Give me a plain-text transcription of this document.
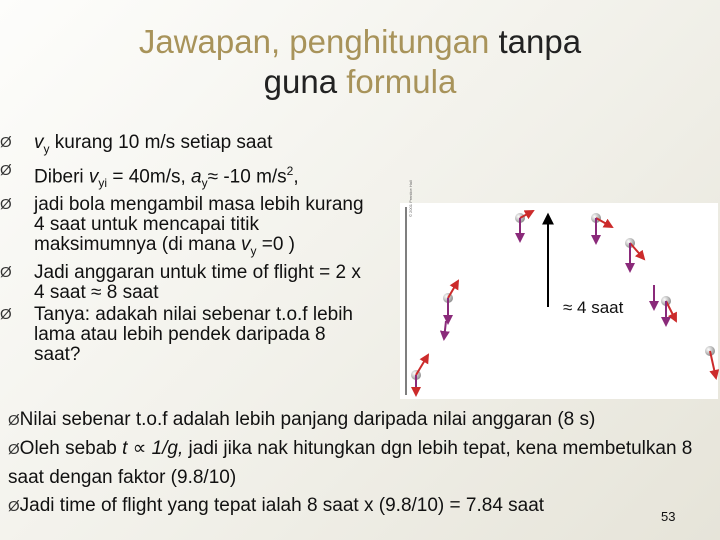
Jawapan, penghitungan tanpa
guna formula
Ø $v_y$ kurang 10 m/s setiap saat
Ø Diberi $v_{yi} = 40m/s$, $a_y\approx -10$ $m/s^2$,
Ø jadi bola mengambil masa lebih kurang 4 saat untuk mencapai titik maksimumnya (di mana $v_y =0$ )
Ø Jadi anggaran untuk time of flight = 2 x 4 saat ≈ 8 saat
Ø Tanya: adakah nilai sebenar t.o.f lebih lama atau lebih pendek daripada 8 saat?
© 2001 Prentice Hall
≈ 4 saat
ØNilai sebenar t.o.f adalah lebih panjang daripada nilai anggaran (8 s)
ØOleh sebab t ∝ 1/g, jadi jika nak hitungkan dgn lebih tepat, kena membetulkan 8 saat dengan faktor (9.8/10)
ØJadi time of flight yang tepat ialah 8 saat x (9.8/10) = 7.84 saat
53
